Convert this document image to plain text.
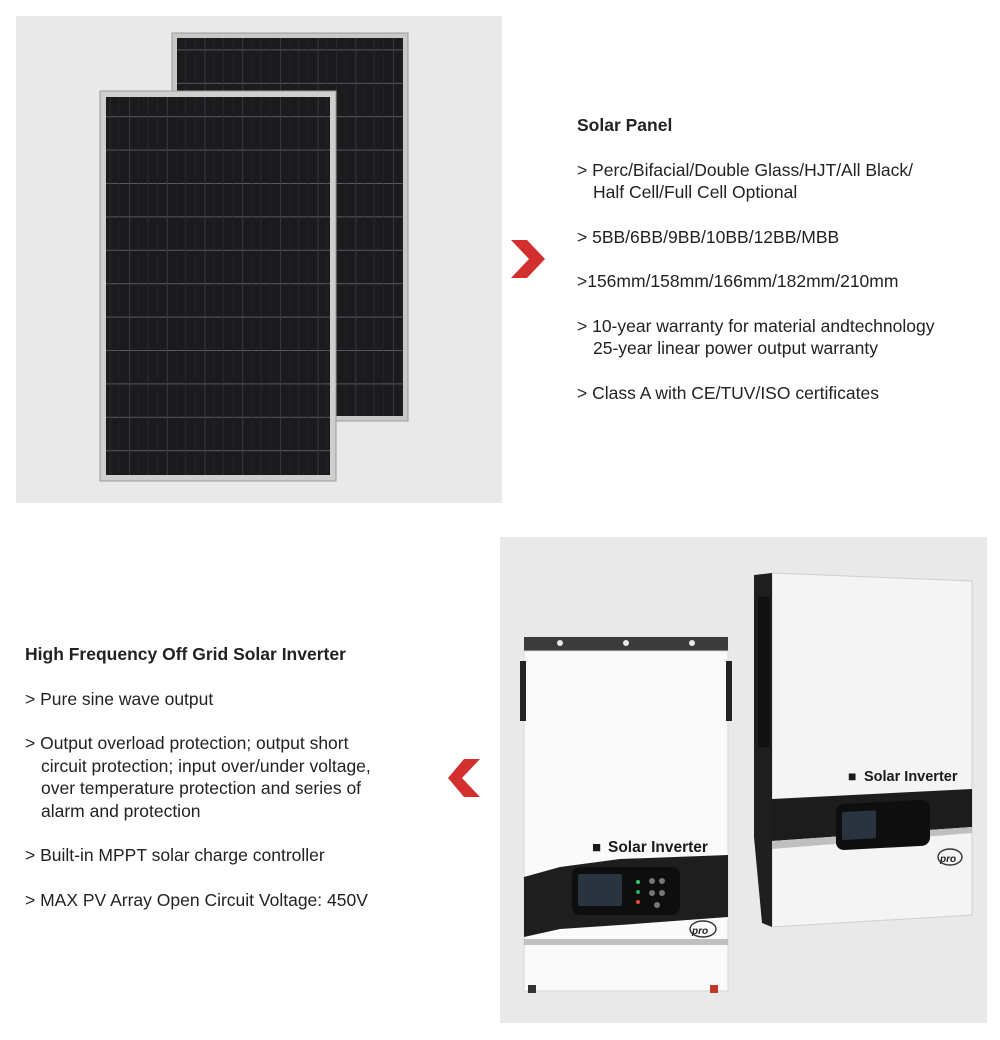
Solar Panel
> Perc/Bifacial/Double Glass/HJT/All Black/
Half Cell/Full Cell Optional
> 5BB/6BB/9BB/10BB/12BB/MBB
>156mm/158mm/166mm/182mm/210mm
> 10-year warranty for material andtechnology
25-year linear power output warranty
> Class A with CE/TUV/ISO certificates
High Frequency Off Grid Solar Inverter
> Pure sine wave output
> Output overload protection; output short
circuit protection; input over/under voltage,
over temperature protection and series of
alarm and protection
> Built-in MPPT solar charge controller
> MAX PV Array Open Circuit Voltage: 450V
■ Solar Inverter
pro
■ Solar Inverter
pro
